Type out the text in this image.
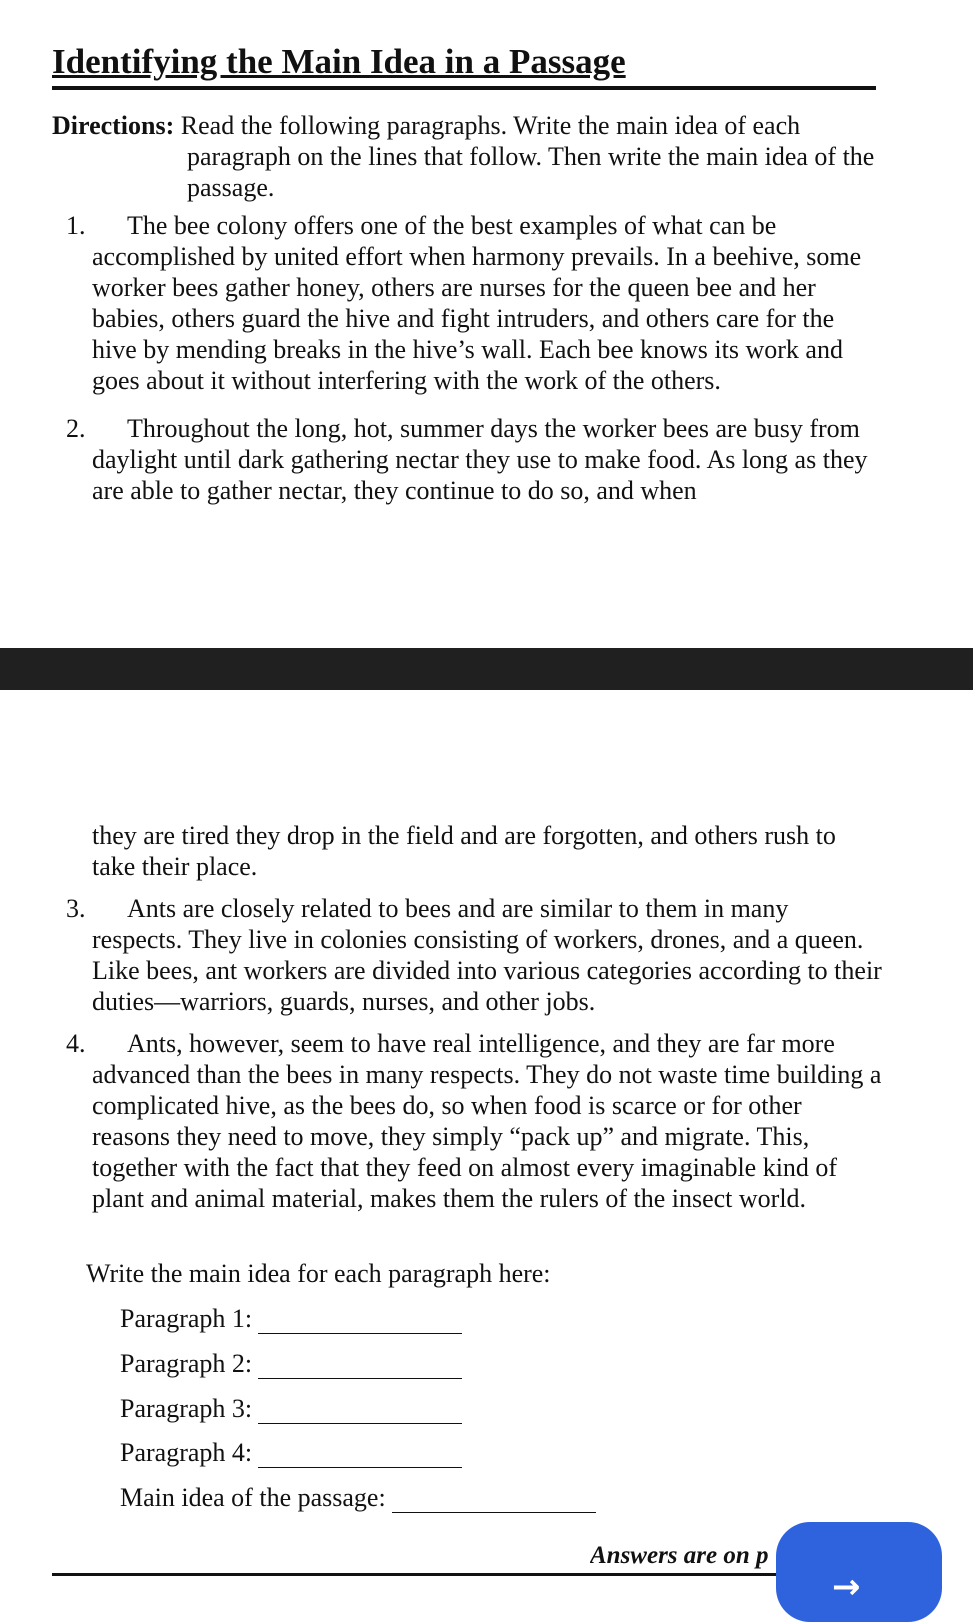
Identifying the Main Idea in a Passage
Directions: Read the following paragraphs. Write the main idea of each
paragraph on the lines that follow. Then write the main idea of the passage.
1.	The bee colony offers one of the best examples of what can be accomplished by united effort when harmony prevails. In a beehive, some worker bees gather honey, others are nurses for the queen bee and her babies, others guard the hive and fight intruders, and others care for the hive by mending breaks in the hive’s wall. Each bee knows its work and goes about it without interfering with the work of the others.
2.	Throughout the long, hot, summer days the worker bees are busy from daylight until dark gathering nectar they use to make food. As long as they are able to gather nectar, they continue to do so, and when
they are tired they drop in the field and are forgotten, and others rush to take their place.
3.	Ants are closely related to bees and are similar to them in many respects. They live in colonies consisting of workers, drones, and a queen. Like bees, ant workers are divided into various categories according to their duties—warriors, guards, nurses, and other jobs.
4.	Ants, however, seem to have real intelligence, and they are far more advanced than the bees in many respects. They do not waste time building a complicated hive, as the bees do, so when food is scarce or for other reasons they need to move, they simply “pack up” and migrate. This, together with the fact that they feed on almost every imaginable kind of plant and animal material, makes them the rulers of the insect world.
Write the main idea for each paragraph here:
Paragraph 1:
Paragraph 2:
Paragraph 3:
Paragraph 4:
Main idea of the passage:
Answers are on p
→
